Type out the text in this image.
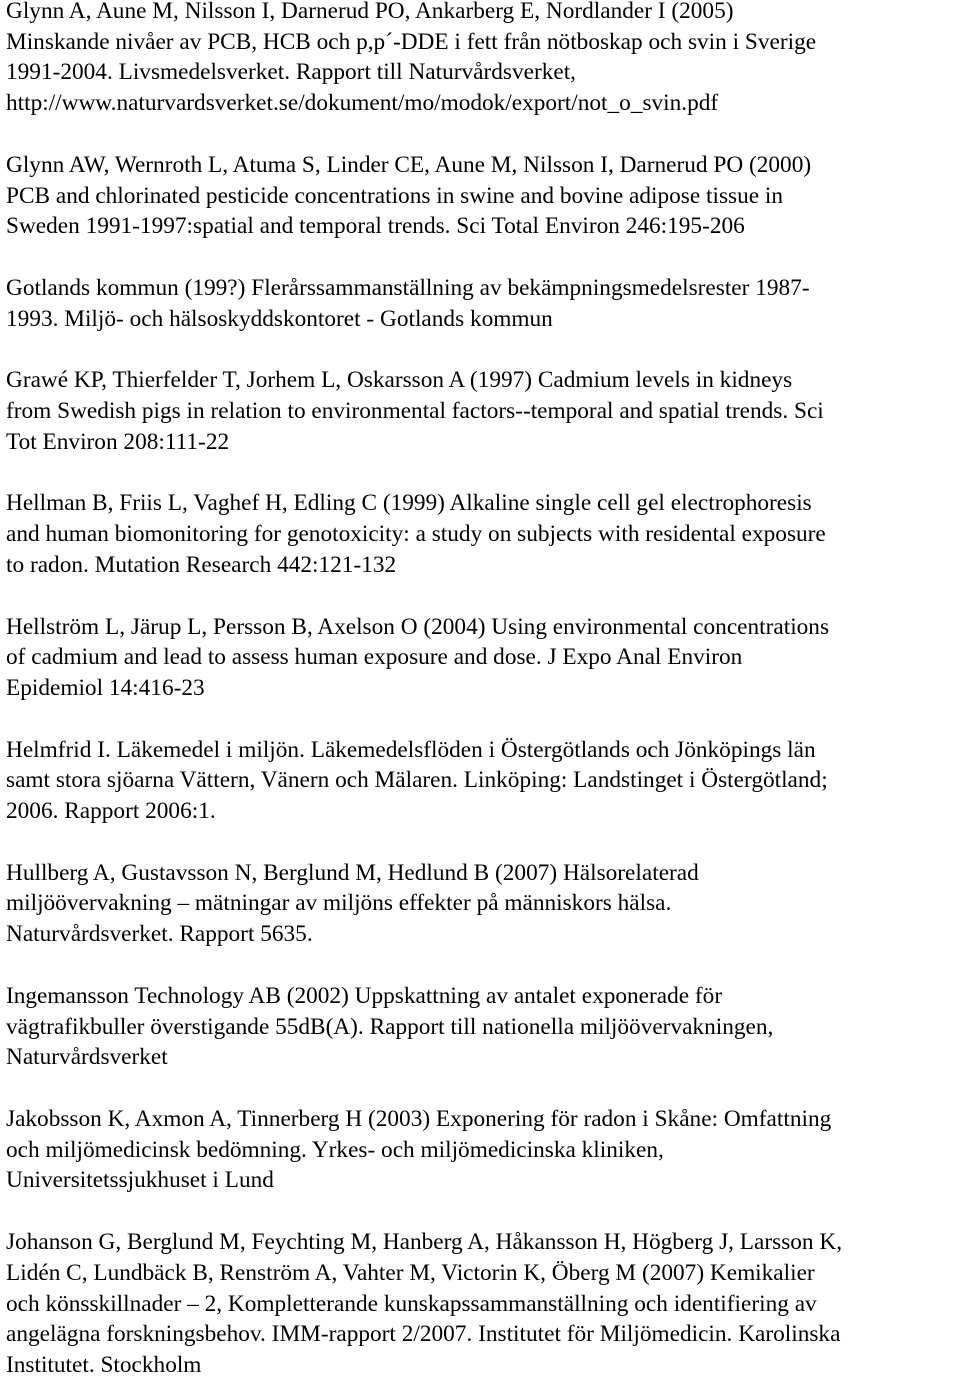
Glynn A, Aune M, Nilsson I, Darnerud PO, Ankarberg E, Nordlander I (2005)
Minskande nivåer av PCB, HCB och p,p´-DDE i fett från nötboskap och svin i Sverige
1991-2004. Livsmedelsverket. Rapport till Naturvårdsverket,
http://www.naturvardsverket.se/dokument/mo/modok/export/not_o_svin.pdf

Glynn AW, Wernroth L, Atuma S, Linder CE, Aune M, Nilsson I, Darnerud PO (2000)
PCB and chlorinated pesticide concentrations in swine and bovine adipose tissue in
Sweden 1991-1997:spatial and temporal trends. Sci Total Environ 246:195-206

Gotlands kommun (199?) Flerårssammanställning av bekämpningsmedelsrester 1987-
1993. Miljö- och hälsoskyddskontoret - Gotlands kommun

Grawé KP, Thierfelder T, Jorhem L, Oskarsson A (1997) Cadmium levels in kidneys
from Swedish pigs in relation to environmental factors--temporal and spatial trends. Sci
Tot Environ 208:111-22

Hellman B, Friis L, Vaghef H, Edling C (1999) Alkaline single cell gel electrophoresis
and human biomonitoring for genotoxicity: a study on subjects with residental exposure
to radon. Mutation Research 442:121-132

Hellström L, Järup L, Persson B, Axelson O (2004) Using environmental concentrations
of cadmium and lead to assess human exposure and dose. J Expo Anal Environ
Epidemiol 14:416-23

Helmfrid I. Läkemedel i miljön. Läkemedelsflöden i Östergötlands och Jönköpings län
samt stora sjöarna Vättern, Vänern och Mälaren. Linköping: Landstinget i Östergötland;
2006. Rapport 2006:1.

Hullberg A, Gustavsson N, Berglund M, Hedlund B (2007) Hälsorelaterad
miljöövervakning – mätningar av miljöns effekter på människors hälsa.
Naturvårdsverket. Rapport 5635.

Ingemansson Technology AB (2002) Uppskattning av antalet exponerade för
vägtrafikbuller överstigande 55dB(A). Rapport till nationella miljöövervakningen,
Naturvårdsverket

Jakobsson K, Axmon A, Tinnerberg H (2003) Exponering för radon i Skåne: Omfattning
och miljömedicinsk bedömning. Yrkes- och miljömedicinska kliniken,
Universitetssjukhuset i Lund

Johanson G, Berglund M, Feychting M, Hanberg A, Håkansson H, Högberg J, Larsson K,
Lidén C, Lundbäck B, Renström A, Vahter M, Victorin K, Öberg M (2007) Kemikalier
och könsskillnader – 2, Kompletterande kunskapssammanställning och identifiering av
angelägna forskningsbehov. IMM-rapport 2/2007. Institutet för Miljömedicin. Karolinska
Institutet. Stockholm
